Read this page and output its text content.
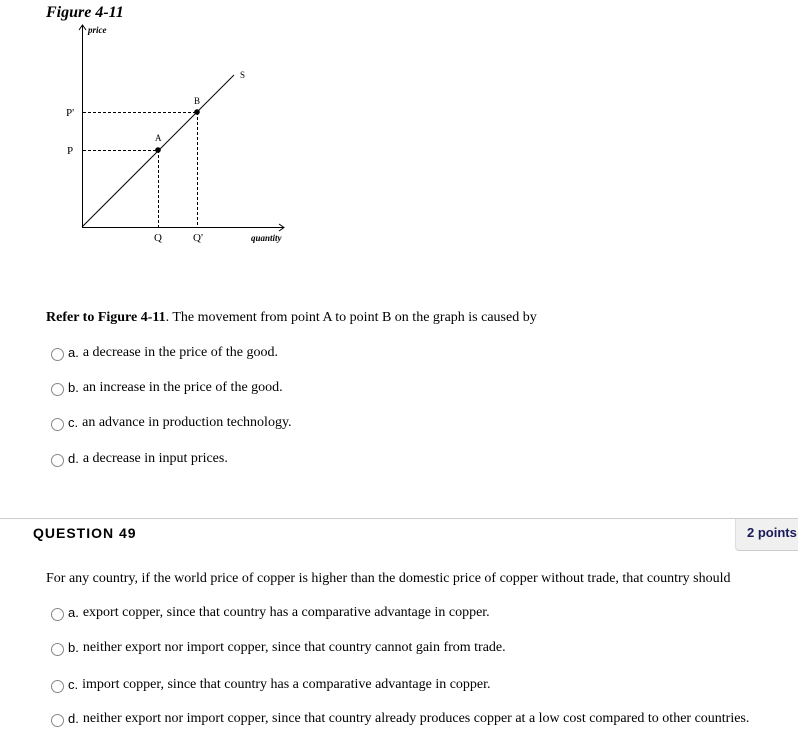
Figure 4-11
price
quantity
S
A
B
P'
P
Q	Q'
Refer to Figure 4-11. The movement from point A to point B on the graph is caused by
a. a decrease in the price of the good.
b. an increase in the price of the good.
c. an advance in production technology.
d. a decrease in input prices.
QUESTION 49	2 points
For any country, if the world price of copper is higher than the domestic price of copper without trade, that country should
a. export copper, since that country has a comparative advantage in copper.
b. neither export nor import copper, since that country cannot gain from trade.
c. import copper, since that country has a comparative advantage in copper.
d. neither export nor import copper, since that country already produces copper at a low cost compared to other countries.
